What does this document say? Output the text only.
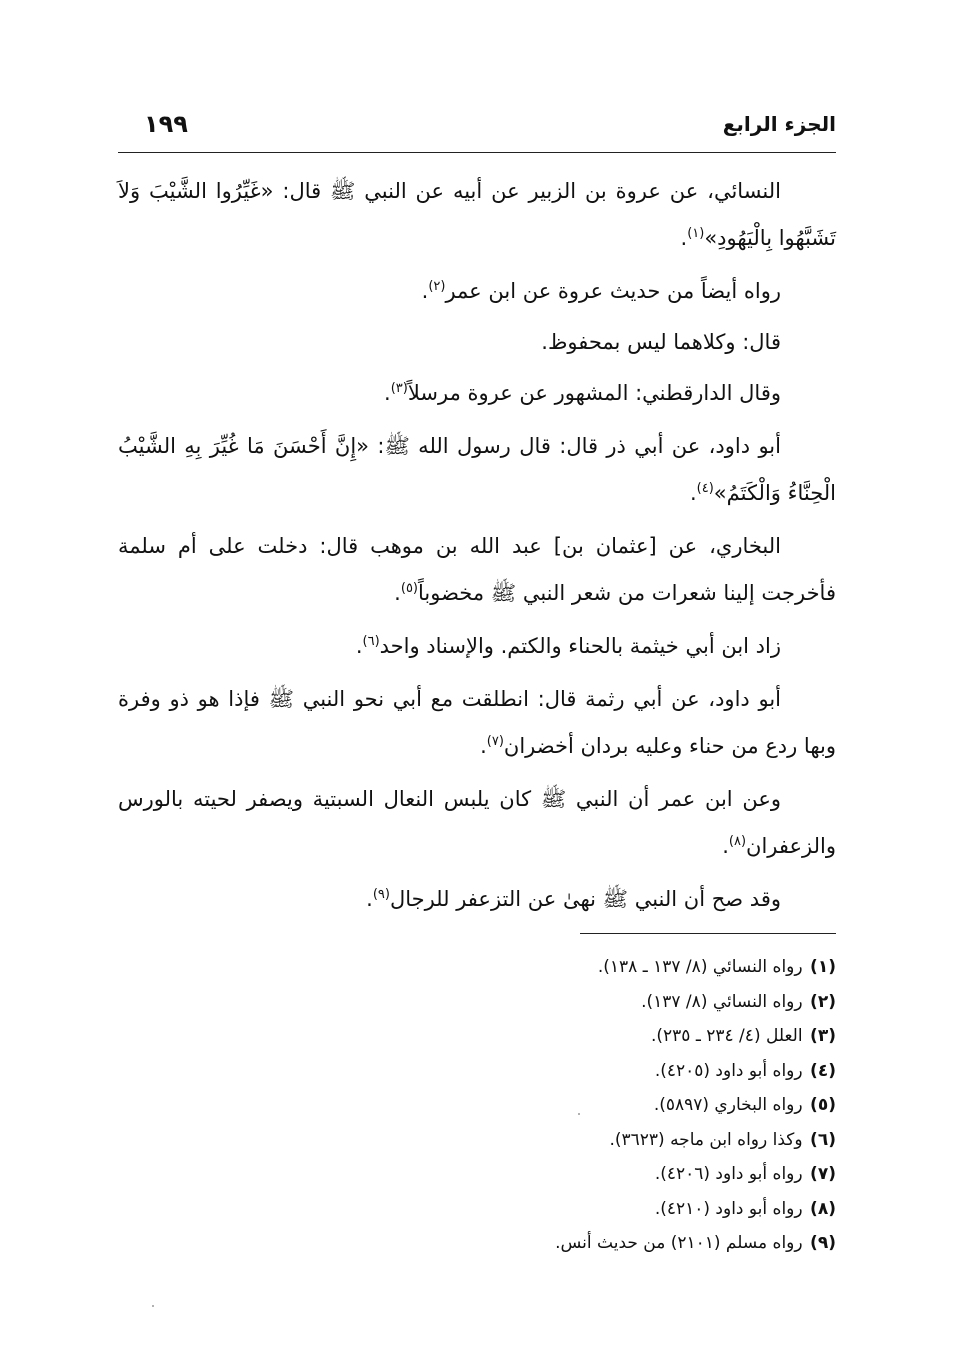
الجزء الرابع
١٩٩

النسائي، عن عروة بن الزبير عن أبيه عن النبي ﷺ قال: «غَيِّرُوا الشَّيْبَ وَلاَ تَشَبَّهُوا بِالْيَهُودِ»$^{(١)}$.

رواه أيضاً من حديث عروة عن ابن عمر$^{(٢)}$.

قال: وكلاهما ليس بمحفوظ.

وقال الدارقطني: المشهور عن عروة مرسلاً$^{(٣)}$.

أبو داود، عن أبي ذر قال: قال رسول الله ﷺ: «إِنَّ أَحْسَنَ مَا غُيِّرَ بِهِ الشَّيْبُ الْحِنَّاءُ وَالْكَتَمُ»$^{(٤)}$.

البخاري، عن [عثمان بن] عبد الله بن موهب قال: دخلت على أم سلمة فأخرجت إلينا شعرات من شعر النبي ﷺ مخضوباً$^{(٥)}$.

زاد ابن أبي خيثمة بالحناء والكتم. والإسناد واحد$^{(٦)}$.

أبو داود، عن أبي رثمة قال: انطلقت مع أبي نحو النبي ﷺ فإذا هو ذو وفرة وبها ردع من حناء وعليه بردان أخضران$^{(٧)}$.

وعن ابن عمر أن النبي ﷺ كان يلبس النعال السبتية ويصفر لحيته بالورس والزعفران$^{(٨)}$.

وقد صح أن النبي ﷺ نهىٰ عن التزعفر للرجال$^{(٩)}$.

(١) رواه النسائي (٨/ ١٣٧ ـ ١٣٨).
(٢) رواه النسائي (٨/ ١٣٧).
(٣) العلل (٤/ ٢٣٤ ـ ٢٣٥).
(٤) رواه أبو داود (٤٢٠٥).
(٥) رواه البخاري (٥٨٩٧).
(٦) وكذا رواه ابن ماجه (٣٦٢٣).
(٧) رواه أبو داود (٤٢٠٦).
(٨) رواه أبو داود (٤٢١٠).
(٩) رواه مسلم (٢١٠١) من حديث أنس.
